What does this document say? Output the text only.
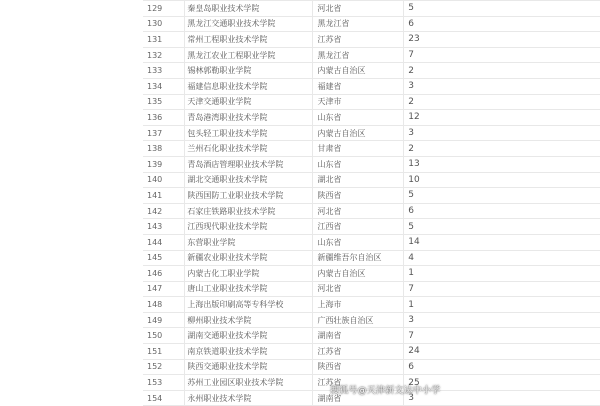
129	秦皇岛职业技术学院	河北省	5
130	黑龙江交通职业技术学院	黑龙江省	6
131	常州工程职业技术学院	江苏省	23
132	黑龙江农业工程职业学院	黑龙江省	7
133	锡林郭勒职业学院	内蒙古自治区	2
134	福建信息职业技术学院	福建省	3
135	天津交通职业学院	天津市	2
136	青岛港湾职业技术学院	山东省	12
137	包头轻工职业技术学院	内蒙古自治区	3
138	兰州石化职业技术学院	甘肃省	2
139	青岛酒店管理职业技术学院	山东省	13
140	湖北交通职业技术学院	湖北省	10
141	陕西国防工业职业技术学院	陕西省	5
142	石家庄铁路职业技术学院	河北省	6
143	江西现代职业技术学院	江西省	5
144	东营职业学院	山东省	14
145	新疆农业职业技术学院	新疆维吾尔自治区	4
146	内蒙古化工职业学院	内蒙古自治区	1
147	唐山工业职业技术学院	河北省	7
148	上海出版印刷高等专科学校	上海市	1
149	柳州职业技术学院	广西壮族自治区	3
150	湖南交通职业技术学院	湖南省	7
151	南京铁道职业技术学院	江苏省	24
152	陕西交通职业技术学院	陕西省	6
153	苏州工业园区职业技术学院	江苏省	25
154	永州职业技术学院	湖南省	3
搜狐号@天津新文达中小学
